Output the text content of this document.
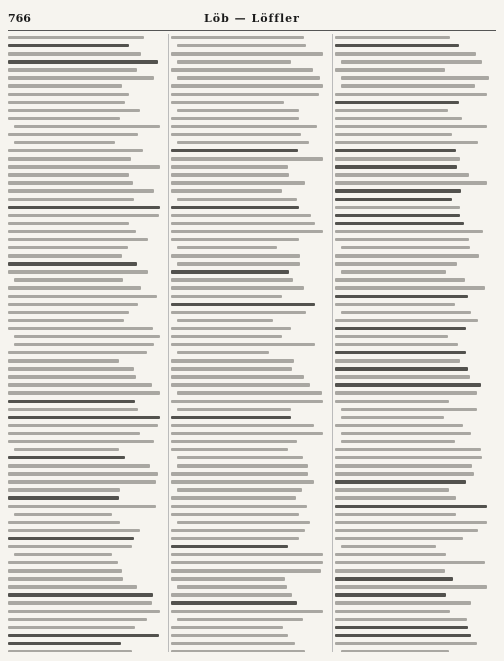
766	Löb — Löffler
